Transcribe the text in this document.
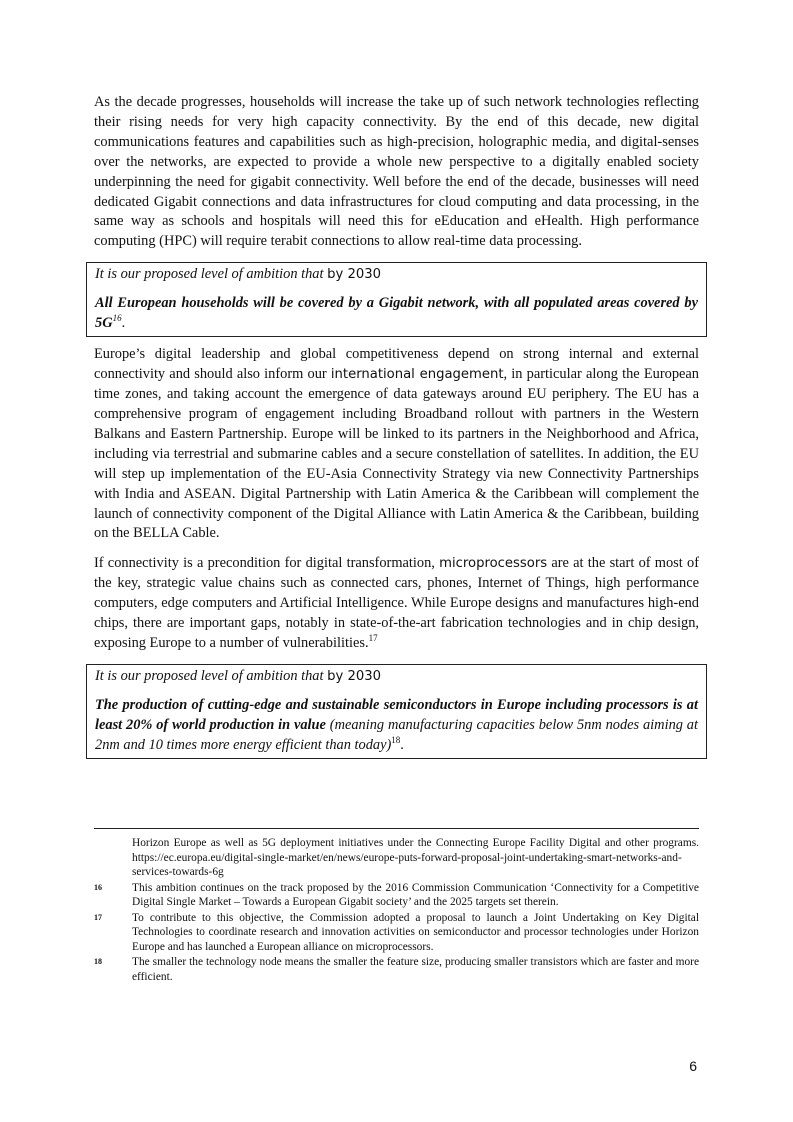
As the decade progresses, households will increase the take up of such network technologies reflecting their rising needs for very high capacity connectivity. By the end of this decade, new digital communications features and capabilities such as high-precision, holographic media, and digital-senses over the networks, are expected to provide a whole new perspective to a digitally enabled society underpinning the need for gigabit connectivity. Well before the end of the decade, businesses will need dedicated Gigabit connections and data infrastructures for cloud computing and data processing, in the same way as schools and hospitals will need this for eEducation and eHealth. High performance computing (HPC) will require terabit connections to allow real-time data processing.

It is our proposed level of ambition that by 2030

All European households will be covered by a Gigabit network, with all populated areas covered by $5G^{16}$.

Europe’s digital leadership and global competitiveness depend on strong internal and external connectivity and should also inform our international engagement, in particular along the European time zones, and taking account the emergence of data gateways around EU periphery. The EU has a comprehensive program of engagement including Broadband rollout with partners in the Western Balkans and Eastern Partnership. Europe will be linked to its partners in the Neighborhood and Africa, including via terrestrial and submarine cables and a secure constellation of satellites. In addition, the EU will step up implementation of the EU-Asia Connectivity Strategy via new Connectivity Partnerships with India and ASEAN. Digital Partnership with Latin America & the Caribbean will complement the launch of connectivity component of the Digital Alliance with Latin America & the Caribbean, building on the BELLA Cable.

If connectivity is a precondition for digital transformation, microprocessors are at the start of most of the key, strategic value chains such as connected cars, phones, Internet of Things, high performance computers, edge computers and Artificial Intelligence. While Europe designs and manufactures high-end chips, there are important gaps, notably in state-of-the-art fabrication technologies and in chip design, exposing Europe to a number of vulnerabilities.$^{17}$

It is our proposed level of ambition that by 2030

The production of cutting-edge and sustainable semiconductors in Europe including processors is at least 20% of world production in value (meaning manufacturing capacities below 5nm nodes aiming at 2nm and 10 times more energy efficient than today)$^{18}$.

Horizon Europe as well as 5G deployment initiatives under the Connecting Europe Facility Digital and other programs. https://ec.europa.eu/digital-single-market/en/news/europe-puts-forward-proposal-joint-undertaking-smart-networks-and-services-towards-6g
16	This ambition continues on the track proposed by the 2016 Commission Communication ‘Connectivity for a Competitive Digital Single Market – Towards a European Gigabit society’ and the 2025 targets set therein.
17	To contribute to this objective, the Commission adopted a proposal to launch a Joint Undertaking on Key Digital Technologies to coordinate research and innovation activities on semiconductor and processor technologies under Horizon Europe and has launched a European alliance on microprocessors.
18	The smaller the technology node means the smaller the feature size, producing smaller transistors which are faster and more efficient.
6
